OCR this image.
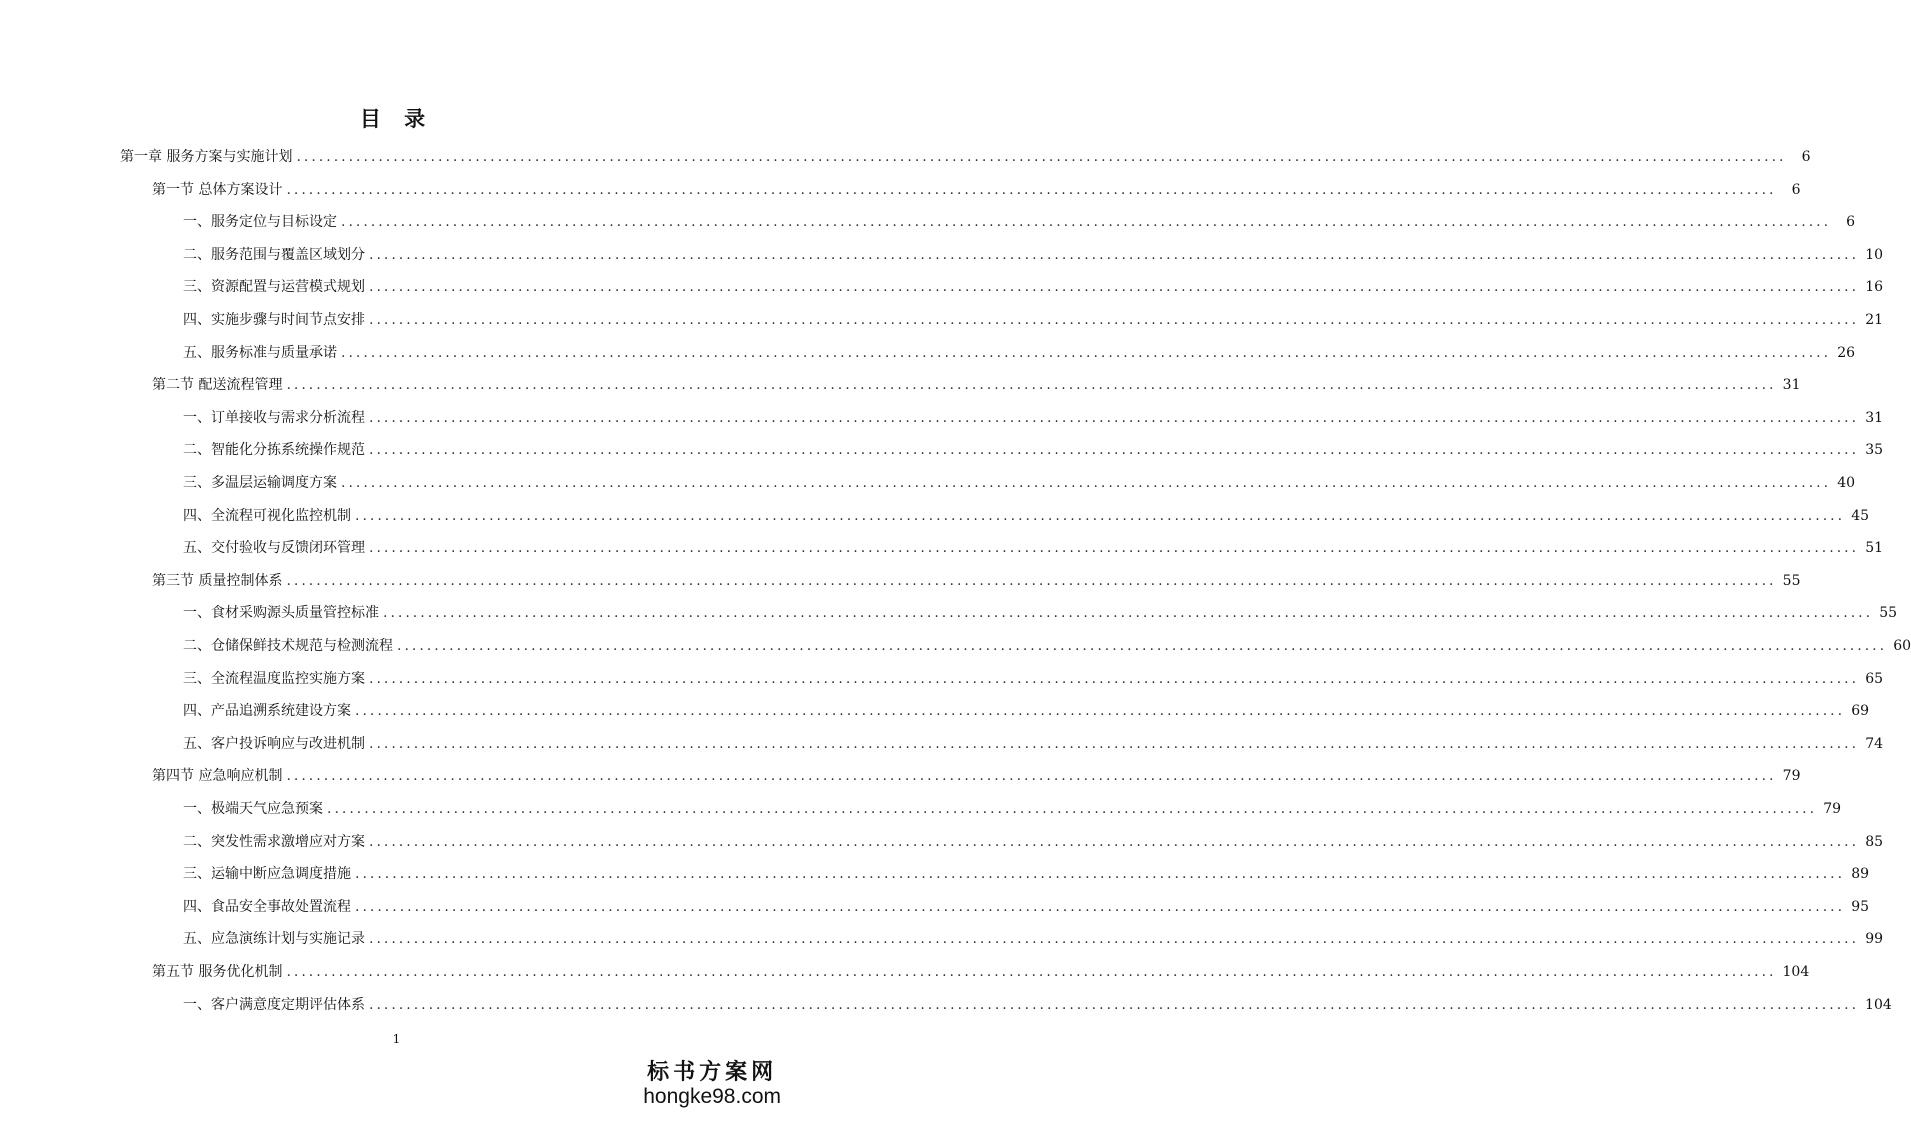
目 录
第一章 服务方案与实施计划 ........................................................................................................................................................................................................	6
第一节 总体方案设计 ........................................................................................................................................................................................................	6
一、服务定位与目标设定 ........................................................................................................................................................................................................	6
二、服务范围与覆盖区域划分 ........................................................................................................................................................................................................ 10
三、资源配置与运营模式规划 ........................................................................................................................................................................................................ 16
四、实施步骤与时间节点安排 ........................................................................................................................................................................................................ 21
五、服务标准与质量承诺 ........................................................................................................................................................................................................ 26
第二节 配送流程管理 ........................................................................................................................................................................................................ 31
一、订单接收与需求分析流程 ........................................................................................................................................................................................................ 31
二、智能化分拣系统操作规范 ........................................................................................................................................................................................................ 35
三、多温层运输调度方案 ........................................................................................................................................................................................................ 40
四、全流程可视化监控机制 ........................................................................................................................................................................................................ 45
五、交付验收与反馈闭环管理 ........................................................................................................................................................................................................ 51
第三节 质量控制体系 ........................................................................................................................................................................................................ 55
一、食材采购源头质量管控标准 ........................................................................................................................................................................................................ 55
二、仓储保鲜技术规范与检测流程 ........................................................................................................................................................................................................ 60
三、全流程温度监控实施方案 ........................................................................................................................................................................................................ 65
四、产品追溯系统建设方案 ........................................................................................................................................................................................................ 69
五、客户投诉响应与改进机制 ........................................................................................................................................................................................................ 74
第四节 应急响应机制 ........................................................................................................................................................................................................ 79
一、极端天气应急预案 ........................................................................................................................................................................................................ 79
二、突发性需求激增应对方案 ........................................................................................................................................................................................................ 85
三、运输中断应急调度措施 ........................................................................................................................................................................................................ 89
四、食品安全事故处置流程 ........................................................................................................................................................................................................ 95
五、应急演练计划与实施记录 ........................................................................................................................................................................................................ 99
第五节 服务优化机制 ........................................................................................................................................................................................................ 104
一、客户满意度定期评估体系 ........................................................................................................................................................................................................ 104
1
标书方案网
hongke98.com
